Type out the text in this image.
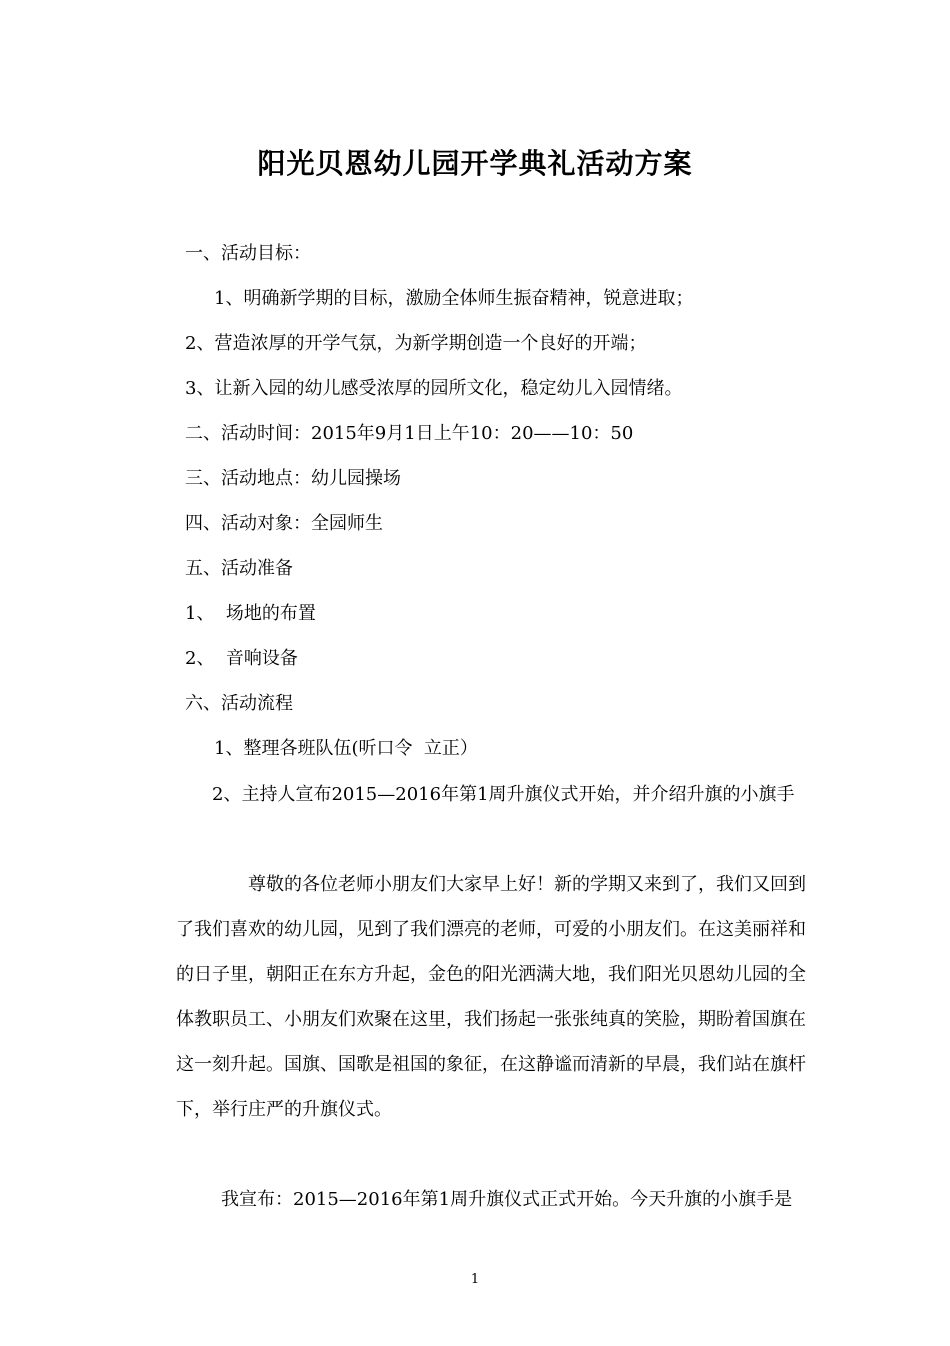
阳光贝恩幼儿园开学典礼活动方案
一、活动目标：
1、明确新学期的目标，激励全体师生振奋精神，锐意进取；
2、营造浓厚的开学气氛，为新学期创造一个良好的开端；
3、让新入园的幼儿感受浓厚的园所文化，稳定幼儿入园情绪。
二、活动时间：2015年9月1日上午10：20——10：50
三、活动地点：幼儿园操场
四、活动对象：全园师生
五、活动准备
1、  场地的布置
2、  音响设备
六、活动流程
1、整理各班队伍(听口令  立正）

2、主持人宣布2015—2016年第1周升旗仪式开始，并介绍升旗的小旗手

尊敬的各位老师小朋友们大家早上好！新的学期又来到了，我们又回到了我们喜欢的幼儿园，见到了我们漂亮的老师，可爱的小朋友们。在这美丽祥和的日子里，朝阳正在东方升起，金色的阳光洒满大地，我们阳光贝恩幼儿园的全体教职员工、小朋友们欢聚在这里，我们扬起一张张纯真的笑脸，期盼着国旗在这一刻升起。国旗、国歌是祖国的象征，在这静谧而清新的早晨，我们站在旗杆下，举行庄严的升旗仪式。

我宣布：2015—2016年第1周升旗仪式正式开始。今天升旗的小旗手是

1
